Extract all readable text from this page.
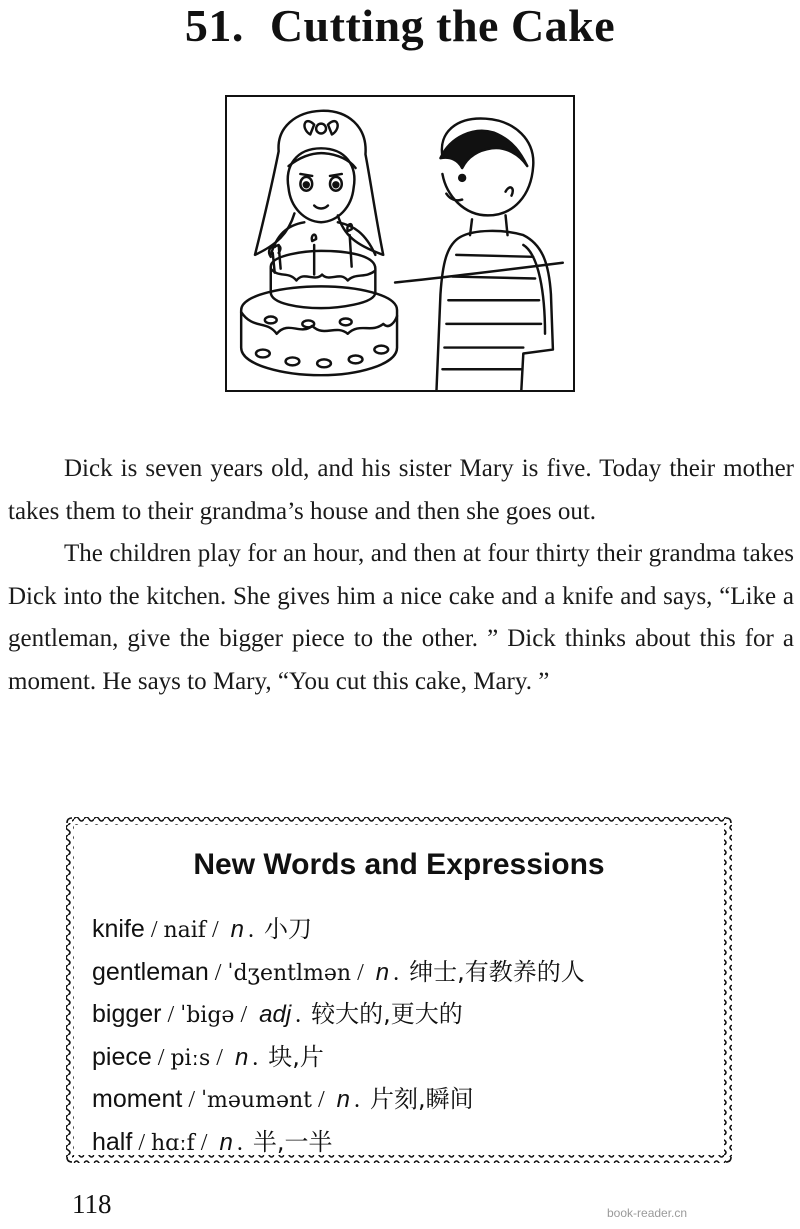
51. Cutting the Cake

Dick is seven years old, and his sister Mary is five. Today their mother takes them to their grandma’s house and then she goes out.

The children play for an hour, and then at four thirty their grandma takes Dick into the kitchen. She gives him a nice cake and a knife and says, “Like a gentleman, give the bigger piece to the other. ” Dick thinks about this for a moment. He says to Mary, “You cut this cake, Mary. ”

New Words and Expressions
knife / naif / n . 小刀
gentleman / ˈdʒentlmən / n . 绅士,有教养的人
bigger / ˈbigə / adj . 较大的,更大的
piece / piːs / n . 块,片
moment / ˈməumənt / n . 片刻,瞬间
half / hɑːf / n . 半,一半
118	book-reader.cn
